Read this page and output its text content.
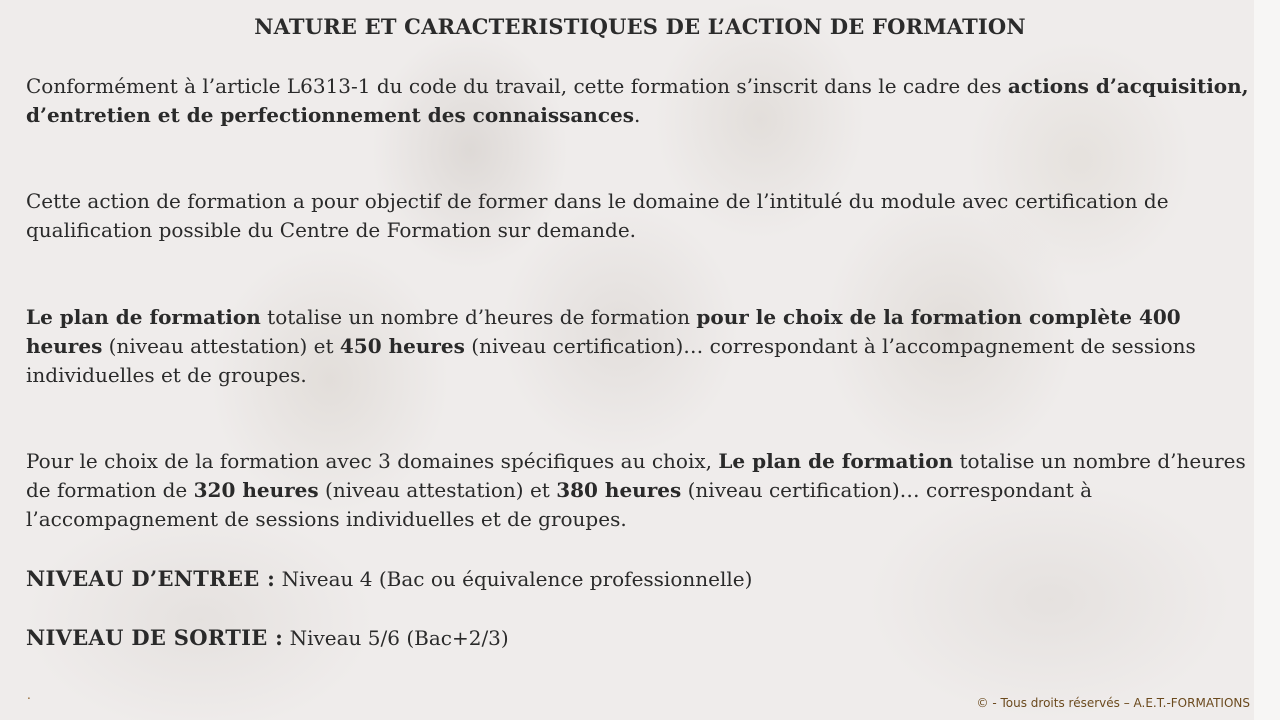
NATURE ET CARACTERISTIQUES DE L’ACTION DE FORMATION

Conformément à l’article L6313-1 du code du travail, cette formation s’inscrit dans le cadre des actions d’acquisition, d’entretien et de perfectionnement des connaissances.

Cette action de formation a pour objectif de former dans le domaine de l’intitulé du module avec certification de qualification possible du Centre de Formation sur demande.

Le plan de formation totalise un nombre d’heures de formation pour le choix de la formation complète 400 heures (niveau attestation) et 450 heures (niveau certification)… correspondant à l’accompagnement de sessions individuelles et de groupes.

Pour le choix de la formation avec 3 domaines spécifiques au choix, Le plan de formation totalise un nombre d’heures de formation de 320 heures (niveau attestation) et 380 heures (niveau certification)… correspondant à l’accompagnement de sessions individuelles et de groupes.

NIVEAU D’ENTREE : Niveau 4 (Bac ou équivalence professionnelle)

NIVEAU DE SORTIE : Niveau 5/6 (Bac+2/3)

.
© - Tous droits réservés – A.E.T.-FORMATIONS
